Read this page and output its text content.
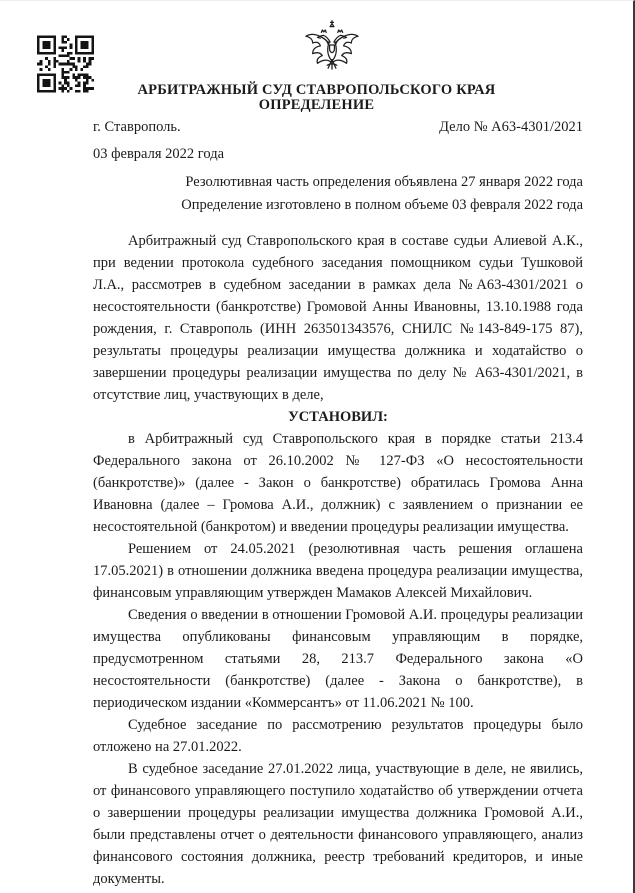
АРБИТРАЖНЫЙ СУД СТАВРОПОЛЬСКОГО КРАЯ
ОПРЕДЕЛЕНИЕ
г. Ставрополь.	Дело № А63-4301/2021
03 февраля 2022 года
Резолютивная часть определения объявлена 27 января 2022 года
Определение изготовлено в полном объеме 03 февраля 2022 года

Арбитражный суд Ставропольского края в составе судьи Алиевой А.К., при ведении протокола судебного заседания помощником судьи Тушковой Л.А., рассмотрев в судебном заседании в рамках дела №А63-4301/2021 о несостоятельности (банкротстве) Громовой Анны Ивановны, 13.10.1988 года рождения, г. Ставрополь (ИНН 263501343576, СНИЛС №143-849-175 87), результаты процедуры реализации имущества должника и ходатайство о завершении процедуры реализации имущества по делу № А63-4301/2021, в отсутствие лиц, участвующих в деле,

УСТАНОВИЛ:

в Арбитражный суд Ставропольского края в порядке статьи 213.4 Федерального закона от 26.10.2002 № 127-ФЗ «О несостоятельности (банкротстве)» (далее - Закон о банкротстве) обратилась Громова Анна Ивановна (далее – Громова А.И., должник) с заявлением о признании ее несостоятельной (банкротом) и введении процедуры реализации имущества.

Решением от 24.05.2021 (резолютивная часть решения оглашена 17.05.2021) в отношении должника введена процедура реализации имущества, финансовым управляющим утвержден Мамаков Алексей Михайлович.

Сведения о введении в отношении Громовой А.И. процедуры реализации имущества опубликованы финансовым управляющим в порядке, предусмотренном статьями 28, 213.7 Федерального закона «О несостоятельности (банкротстве) (далее - Закона о банкротстве), в периодическом издании «Коммерсантъ» от 11.06.2021 № 100.

Судебное заседание по рассмотрению результатов процедуры было отложено на 27.01.2022.

В судебное заседание 27.01.2022 лица, участвующие в деле, не явились, от финансового управляющего поступило ходатайство об утверждении отчета о завершении процедуры реализации имущества должника Громовой А.И., были представлены отчет о деятельности финансового управляющего, анализ финансового состояния должника, реестр требований кредиторов, и иные документы.
